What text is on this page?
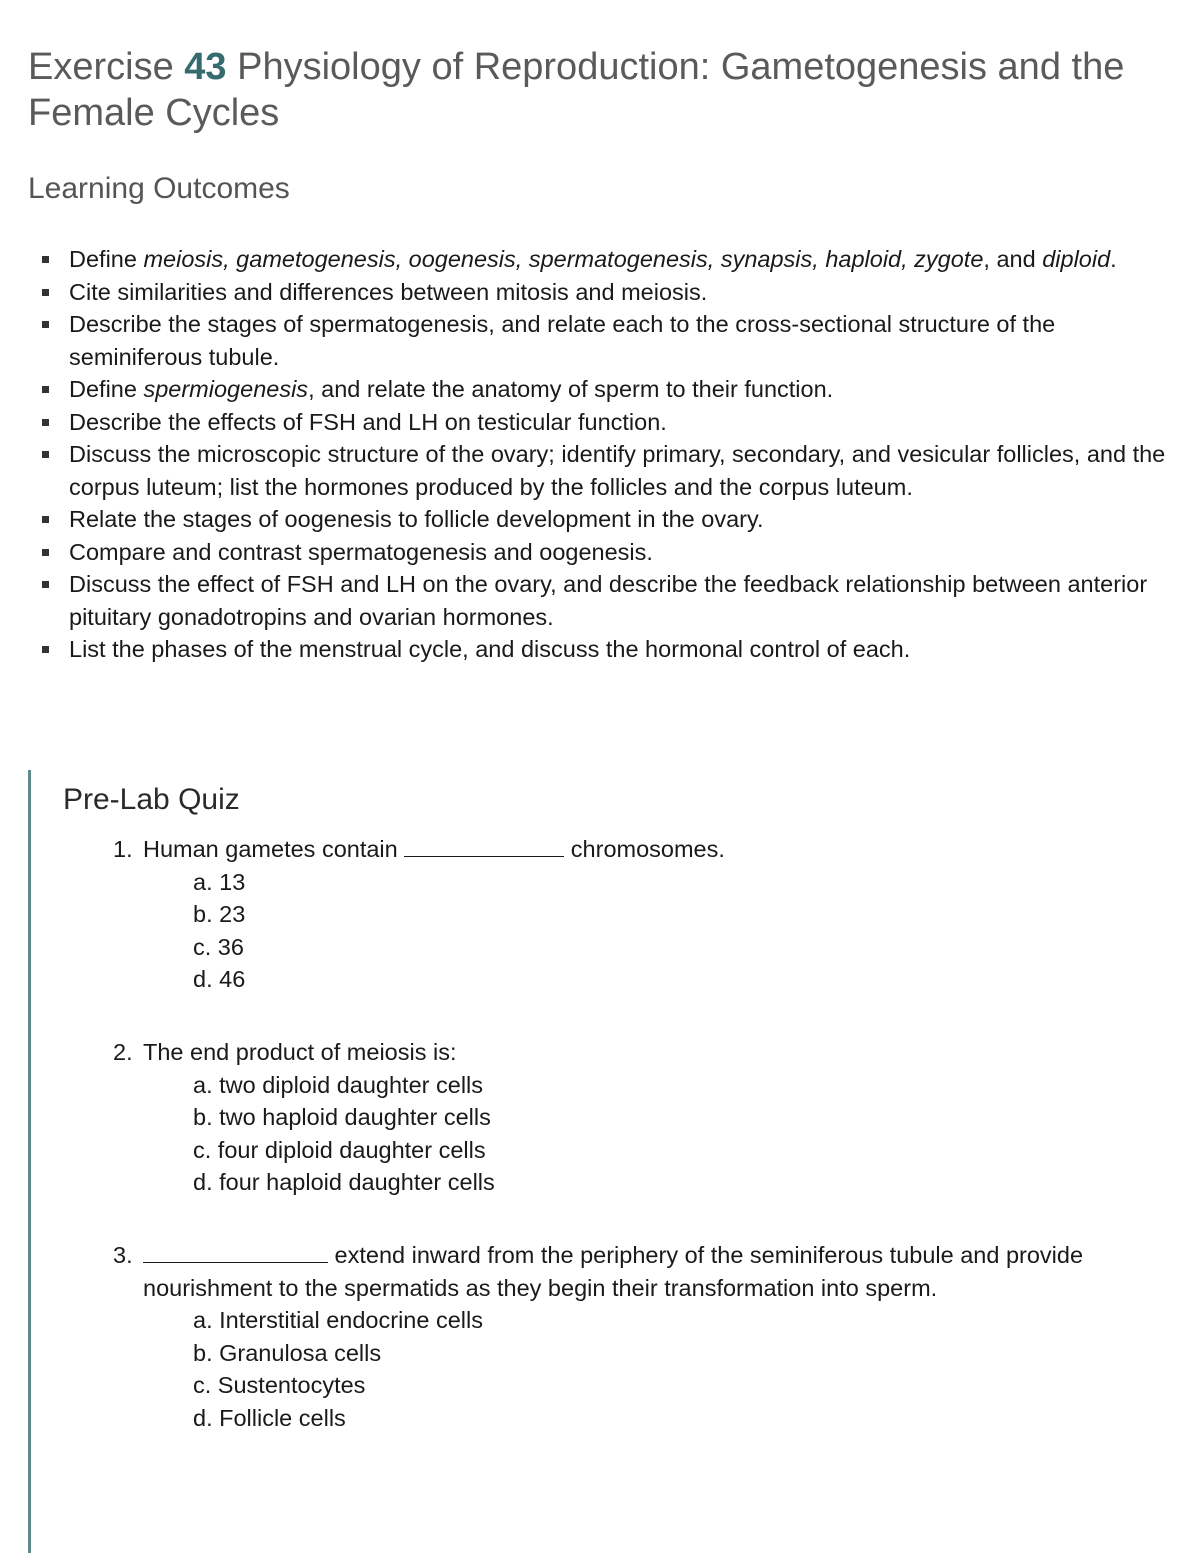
Exercise 43 Physiology of Reproduction: Gametogenesis and the Female Cycles
Learning Outcomes
Define meiosis, gametogenesis, oogenesis, spermatogenesis, synapsis, haploid, zygote, and diploid.
Cite similarities and differences between mitosis and meiosis.
Describe the stages of spermatogenesis, and relate each to the cross-sectional structure of the seminiferous tubule.
Define spermiogenesis, and relate the anatomy of sperm to their function.
Describe the effects of FSH and LH on testicular function.
Discuss the microscopic structure of the ovary; identify primary, secondary, and vesicular follicles, and the corpus luteum; list the hormones produced by the follicles and the corpus luteum.
Relate the stages of oogenesis to follicle development in the ovary.
Compare and contrast spermatogenesis and oogenesis.
Discuss the effect of FSH and LH on the ovary, and describe the feedback relationship between anterior pituitary gonadotropins and ovarian hormones.
List the phases of the menstrual cycle, and discuss the hormonal control of each.
Pre-Lab Quiz
1. Human gametes contain	chromosomes.
a. 13
b. 23
c. 36
d. 46
2. The end product of meiosis is:
a. two diploid daughter cells
b. two haploid daughter cells
c. four diploid daughter cells
d. four haploid daughter cells
3.	extend inward from the periphery of the seminiferous tubule and provide nourishment to the spermatids as they begin their transformation into sperm.
a. Interstitial endocrine cells
b. Granulosa cells
c. Sustentocytes
d. Follicle cells
